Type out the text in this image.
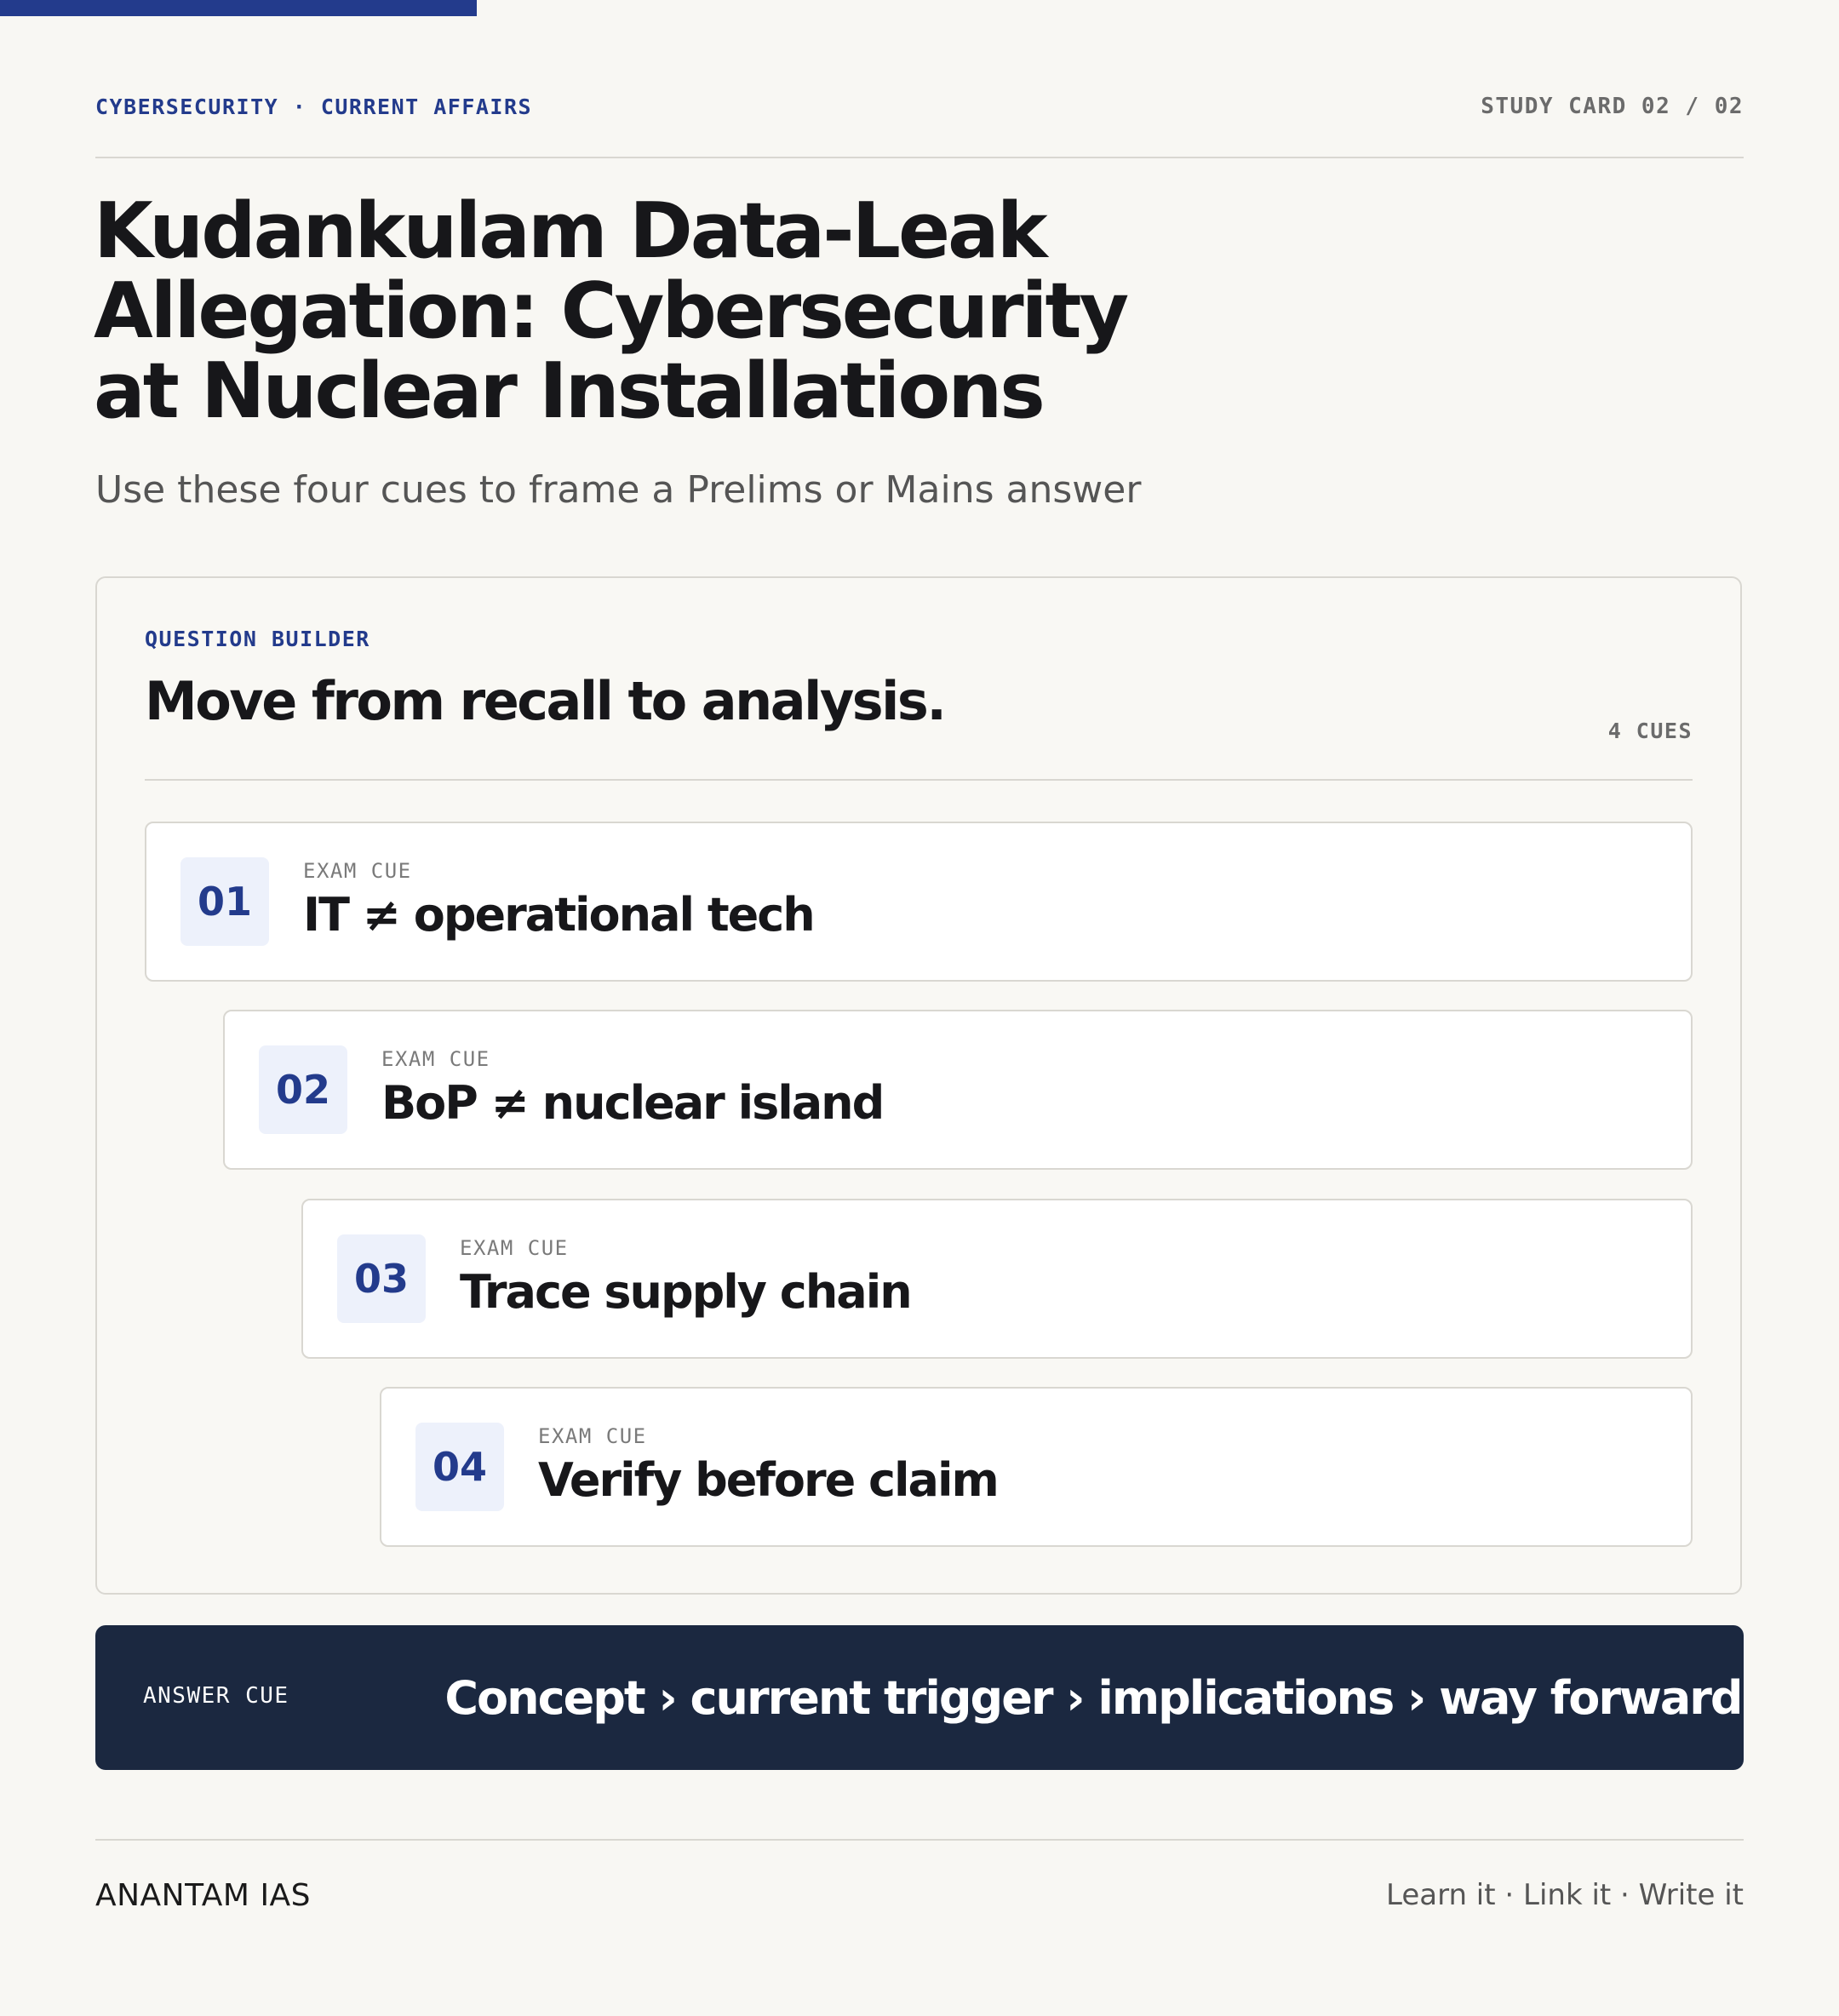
CYBERSECURITY · CURRENT AFFAIRS	STUDY CARD 02 / 02
Kudankulam Data-Leak
Allegation: Cybersecurity
at Nuclear Installations
Use these four cues to frame a Prelims or Mains answer
QUESTION BUILDER
Move from recall to analysis.	4 CUES
01
EXAM CUE
IT ≠ operational tech
02
EXAM CUE
BoP ≠ nuclear island
03
EXAM CUE
Trace supply chain
04
EXAM CUE
Verify before claim
ANSWER CUE	Concept › current trigger › implications › way forward
ANANTAM IAS	Learn it · Link it · Write it
